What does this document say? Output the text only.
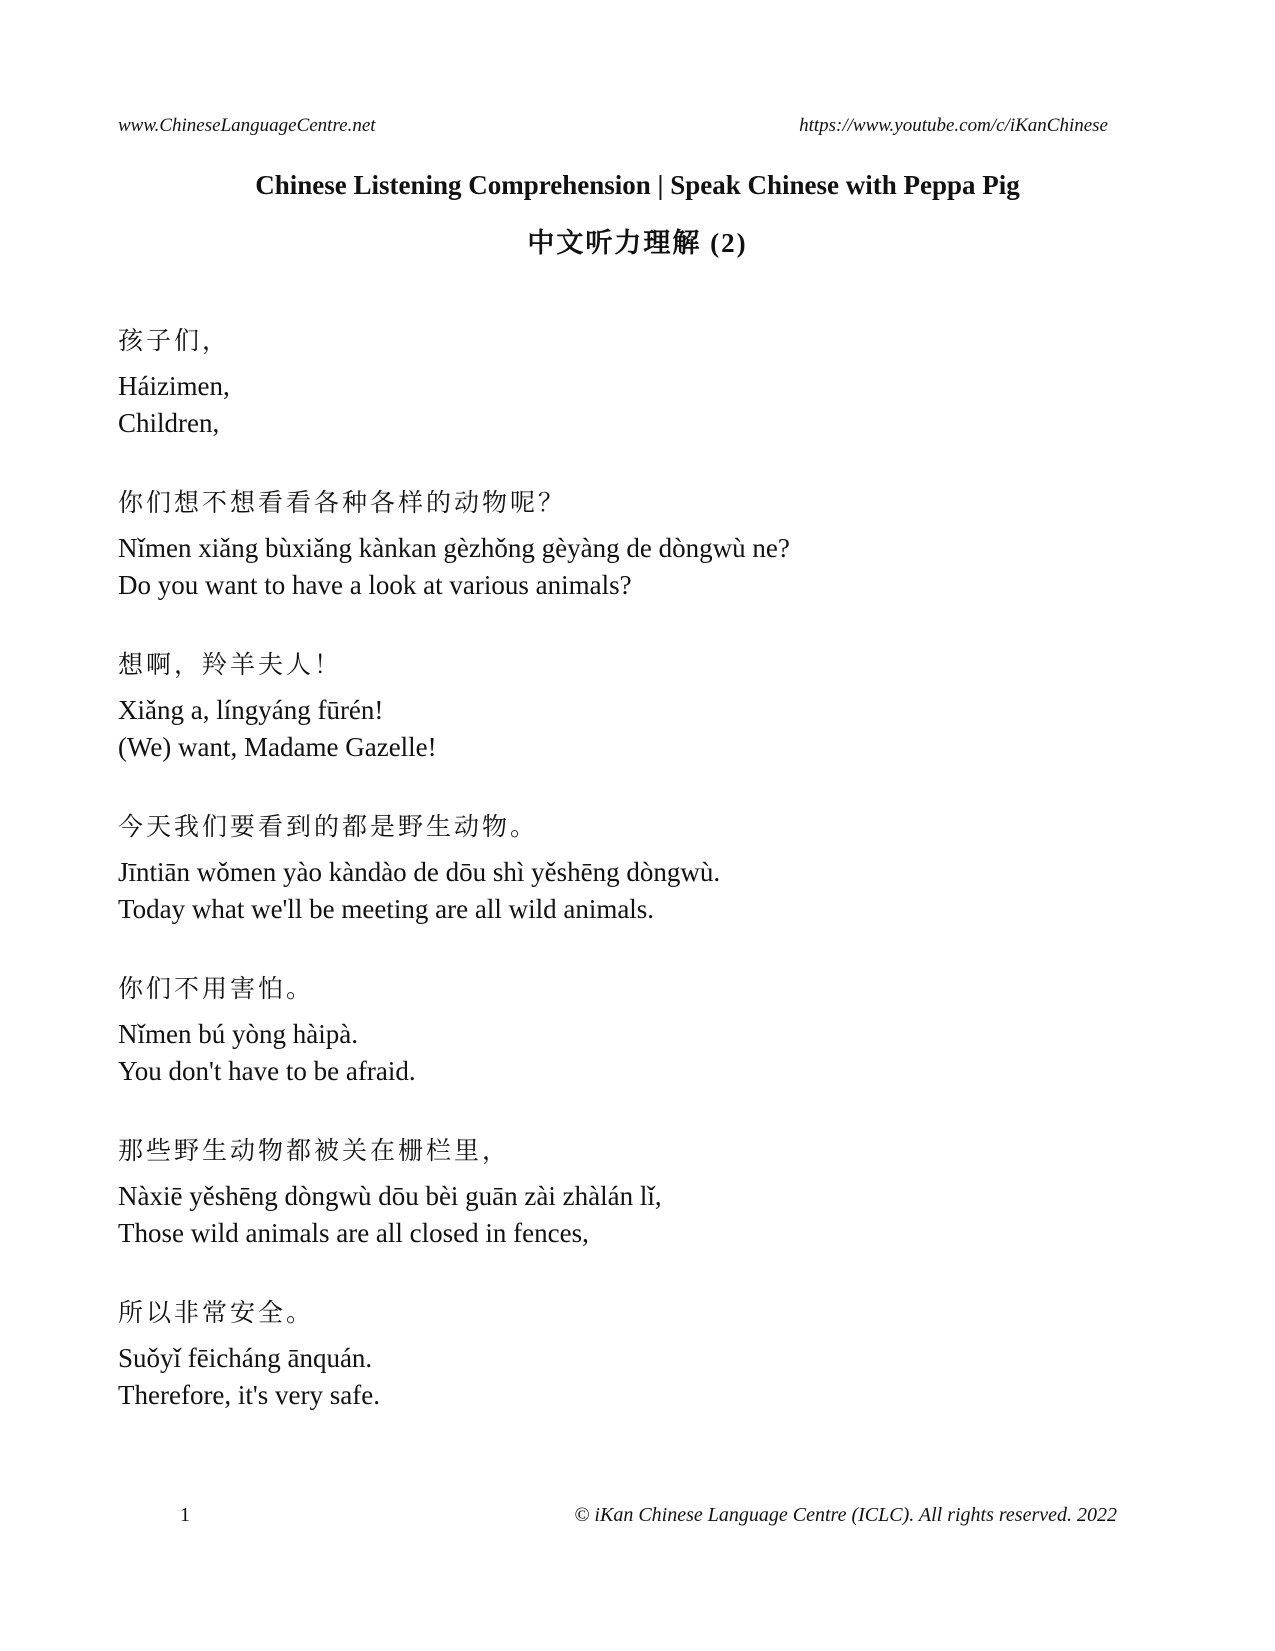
www.ChineseLanguageCentre.net	https://www.youtube.com/c/iKanChinese
Chinese Listening Comprehension | Speak Chinese with Peppa Pig
中文听力理解 (2)
孩子们，
Háizimen,
Children,
你们想不想看看各种各样的动物呢？
Nǐmen xiǎng bùxiǎng kànkan gèzhǒng gèyàng de dòngwù ne?
Do you want to have a look at various animals?
想啊，羚羊夫人！
Xiǎng a, língyáng fūrén!
(We) want, Madame Gazelle!
今天我们要看到的都是野生动物。
Jīntiān wǒmen yào kàndào de dōu shì yěshēng dòngwù.
Today what we'll be meeting are all wild animals.
你们不用害怕。
Nǐmen bú yòng hàipà.
You don't have to be afraid.
那些野生动物都被关在栅栏里，
Nàxiē yěshēng dòngwù dōu bèi guān zài zhàlán lǐ,
Those wild animals are all closed in fences,
所以非常安全。
Suǒyǐ fēicháng ānquán.
Therefore, it's very safe.
1	© iKan Chinese Language Centre (ICLC). All rights reserved. 2022
